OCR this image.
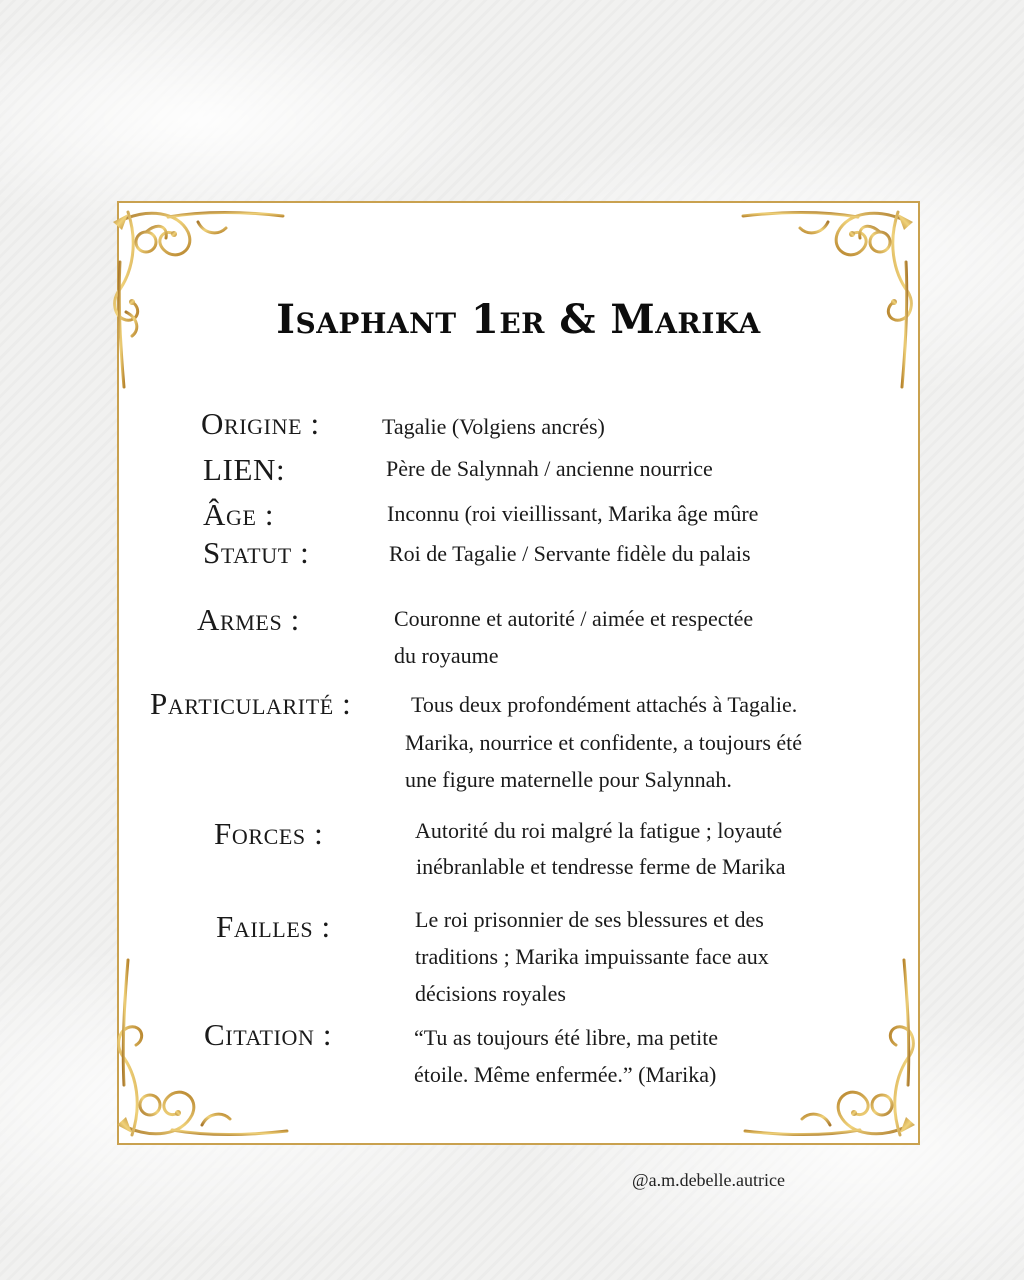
Isaphant 1er & Marika
Origine :	Tagalie (Volgiens ancrés)
LIEN:	Père de Salynnah / ancienne nourrice
Âge :	Inconnu (roi vieillissant, Marika âge mûre
Statut :	Roi de Tagalie / Servante fidèle du palais
Armes :	Couronne et autorité / aimée et respectée
du royaume
Particularité :	Tous deux profondément attachés à Tagalie.
Marika, nourrice et confidente, a toujours été
une figure maternelle pour Salynnah.
Forces :	Autorité du roi malgré la fatigue ; loyauté
inébranlable et tendresse ferme de Marika
Failles :	Le roi prisonnier de ses blessures et des
traditions ; Marika impuissante face aux
décisions royales
Citation :	“Tu as toujours été libre, ma petite
étoile. Même enfermée.” (Marika)
@a.m.debelle.autrice
